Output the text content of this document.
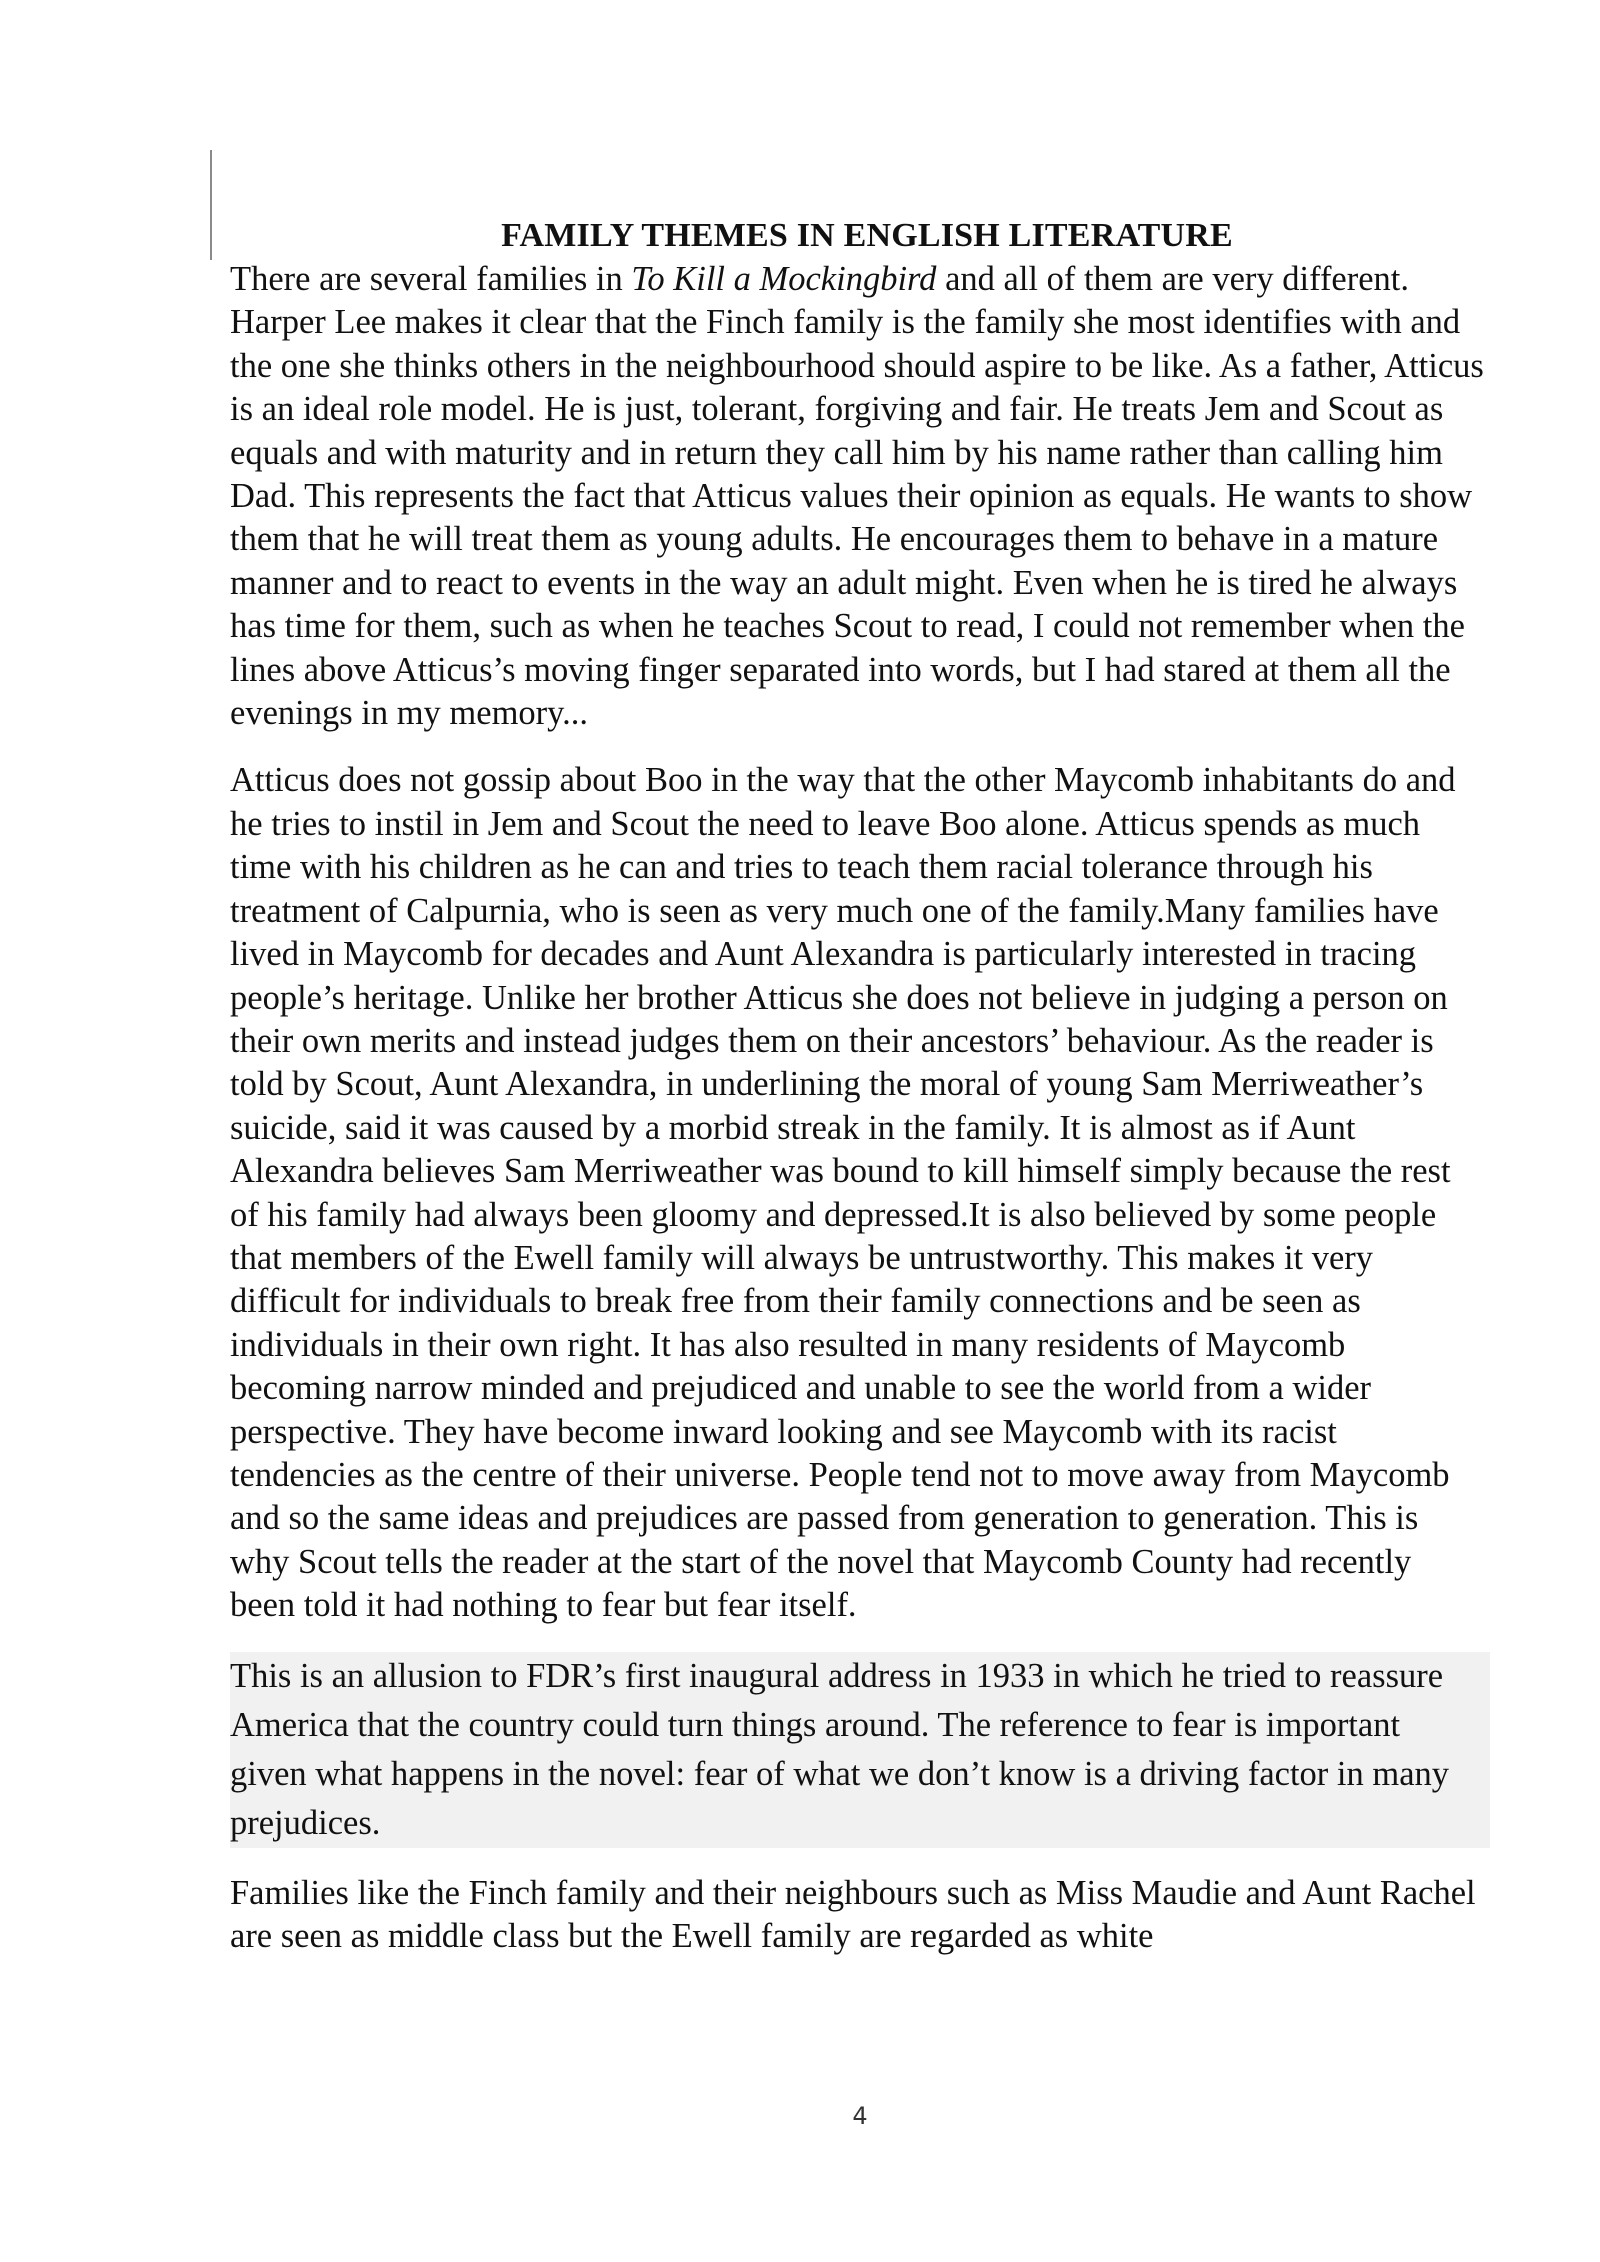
FAMILY THEMES IN ENGLISH LITERATURE

There are several families in To Kill a Mockingbird and all of them are very different. Harper Lee makes it clear that the Finch family is the family she most identifies with and the one she thinks others in the neighbourhood should aspire to be like. As a father, Atticus is an ideal role model. He is just, tolerant, forgiving and fair. He treats Jem and Scout as equals and with maturity and in return they call him by his name rather than calling him Dad. This represents the fact that Atticus values their opinion as equals. He wants to show them that he will treat them as young adults. He encourages them to behave in a mature manner and to react to events in the way an adult might. Even when he is tired he always has time for them, such as when he teaches Scout to read, I could not remember when the lines above Atticus’s moving finger separated into words, but I had stared at them all the evenings in my memory...

Atticus does not gossip about Boo in the way that the other Maycomb inhabitants do and he tries to instil in Jem and Scout the need to leave Boo alone. Atticus spends as much time with his children as he can and tries to teach them racial tolerance through his treatment of Calpurnia, who is seen as very much one of the family.Many families have lived in Maycomb for decades and Aunt Alexandra is particularly interested in tracing people’s heritage. Unlike her brother Atticus she does not believe in judging a person on their own merits and instead judges them on their ancestors’ behaviour. As the reader is told by Scout, Aunt Alexandra, in underlining the moral of young Sam Merriweather’s suicide, said it was caused by a morbid streak in the family. It is almost as if Aunt Alexandra believes Sam Merriweather was bound to kill himself simply because the rest of his family had always been gloomy and depressed.It is also believed by some people that members of the Ewell family will always be untrustworthy. This makes it very difficult for individuals to break free from their family connections and be seen as individuals in their own right. It has also resulted in many residents of Maycomb becoming narrow minded and prejudiced and unable to see the world from a wider perspective. They have become inward looking and see Maycomb with its racist tendencies as the centre of their universe. People tend not to move away from Maycomb and so the same ideas and prejudices are passed from generation to generation. This is why Scout tells the reader at the start of the novel that Maycomb County had recently been told it had nothing to fear but fear itself.

This is an allusion to FDR’s first inaugural address in 1933 in which he tried to reassure America that the country could turn things around. The reference to fear is important given what happens in the novel: fear of what we don’t know is a driving factor in many prejudices.

Families like the Finch family and their neighbours such as Miss Maudie and Aunt Rachel are seen as middle class but the Ewell family are regarded as white

4
